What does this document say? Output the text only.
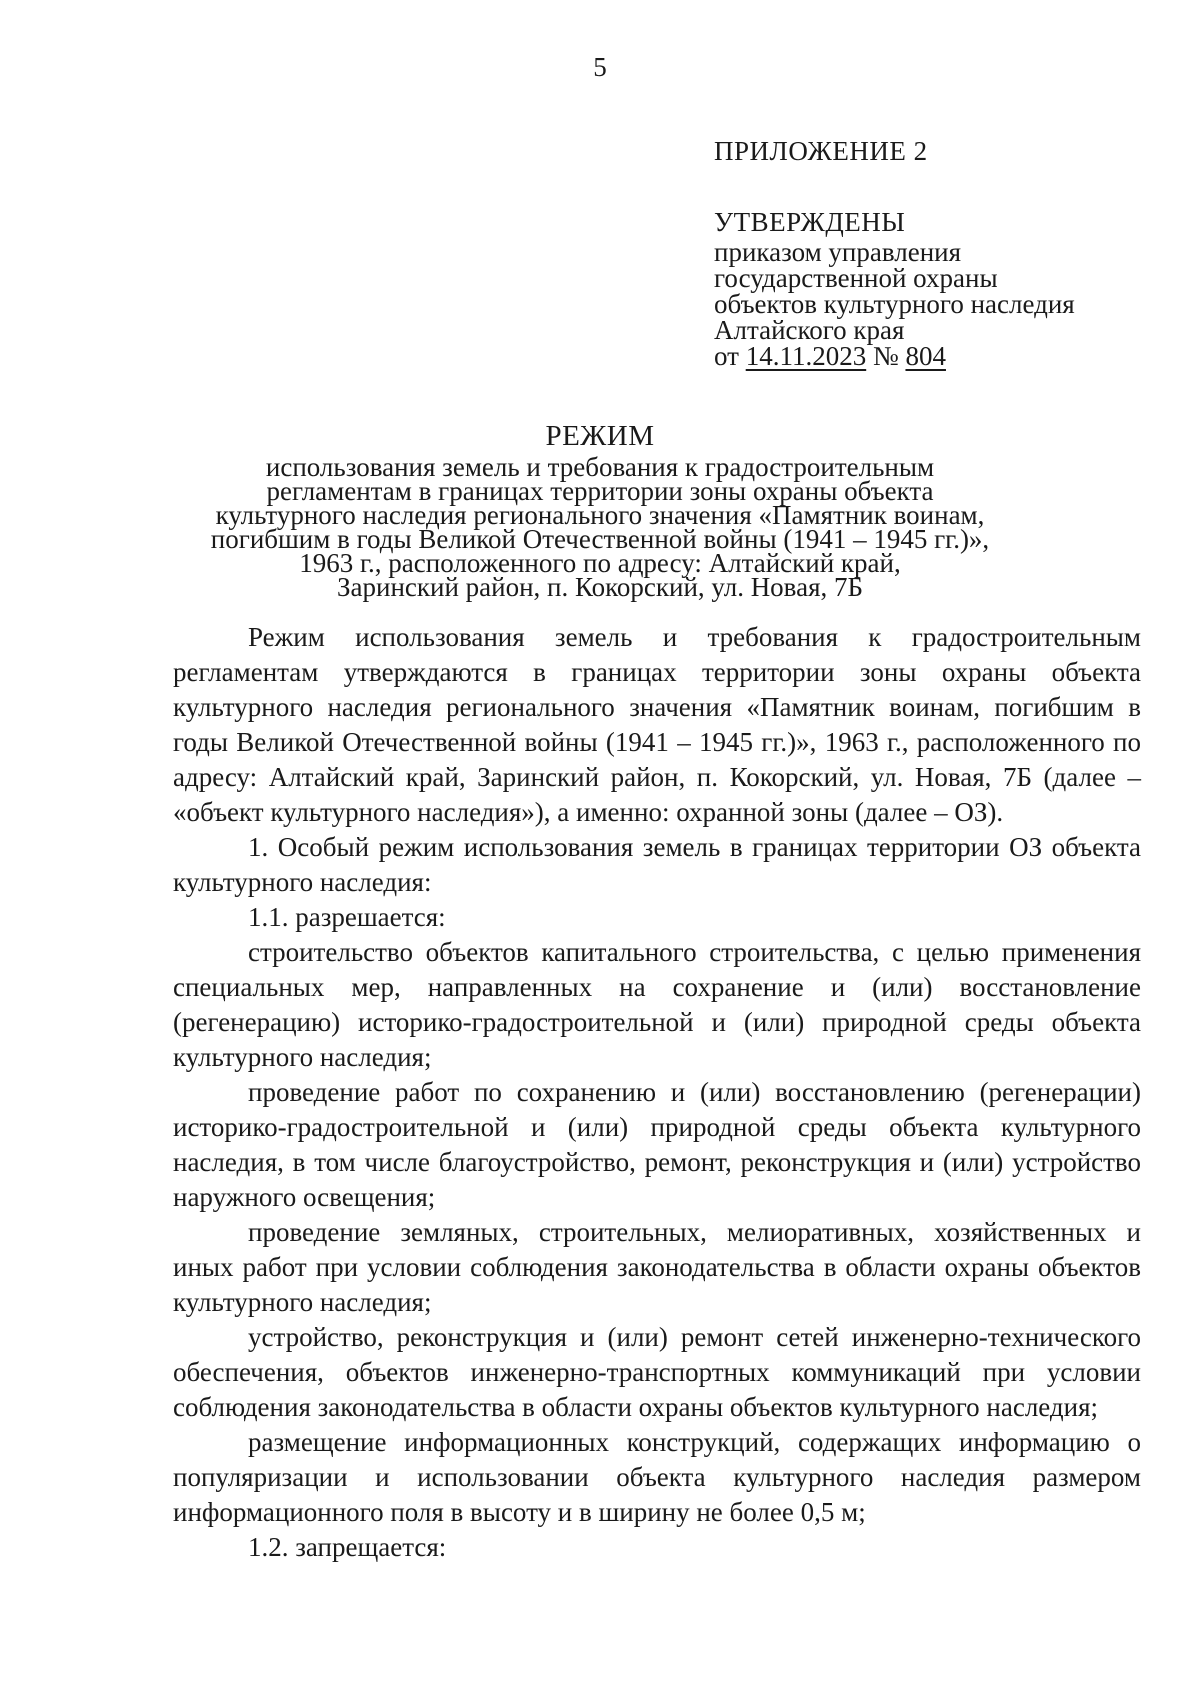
5

ПРИЛОЖЕНИЕ 2

УТВЕРЖДЕНЫ

приказом управления

государственной охраны

объектов культурного наследия

Алтайского края

от 14.11.2023 № 804

РЕЖИМ
использования земель и требования к градостроительным
регламентам в границах территории зоны охраны объекта
культурного наследия регионального значения «Памятник воинам,
погибшим в годы Великой Отечественной войны (1941 – 1945 гг.)»,
1963 г., расположенного по адресу: Алтайский край,
Заринский район, п. Кокорский, ул. Новая, 7Б

Режим использования земель и требования к градостроительным регламентам утверждаются в границах территории зоны охраны объекта культурного наследия регионального значения «Памятник воинам, погибшим в годы Великой Отечественной войны (1941 – 1945 гг.)», 1963 г., расположенного по адресу: Алтайский край, Заринский район, п. Кокорский, ул. Новая, 7Б (далее – «объект культурного наследия»), а именно: охранной зоны (далее – ОЗ).

1. Особый режим использования земель в границах территории ОЗ объекта культурного наследия:

1.1. разрешается:

строительство объектов капитального строительства, с целью применения специальных мер, направленных на сохранение и (или) восстановление (регенерацию) историко-градостроительной и (или) природной среды объекта культурного наследия;

проведение работ по сохранению и (или) восстановлению (регенерации) историко-градостроительной и (или) природной среды объекта культурного наследия, в том числе благоустройство, ремонт, реконструкция и (или) устройство наружного освещения;

проведение земляных, строительных, мелиоративных, хозяйственных и иных работ при условии соблюдения законодательства в области охраны объектов культурного наследия;

устройство, реконструкция и (или) ремонт сетей инженерно-технического обеспечения, объектов инженерно-транспортных коммуникаций при условии соблюдения законодательства в области охраны объектов культурного наследия;

размещение информационных конструкций, содержащих информацию о популяризации и использовании объекта культурного наследия размером информационного поля в высоту и в ширину не более 0,5 м;

1.2. запрещается:
